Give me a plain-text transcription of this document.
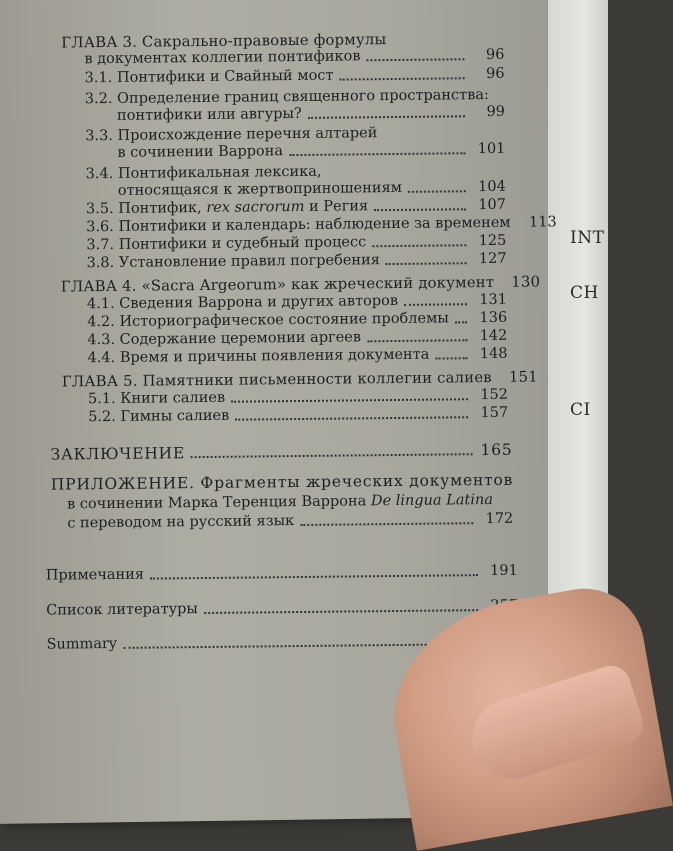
INT
CH
CI
ГЛАВА 3. Сакрально-правовые формулы
в документах коллегии понтификов	96
3.1. Понтифики и Свайный мост	96
3.2. Определение границ священного пространства:
понтифики или авгуры?	99
3.3. Происхождение перечня алтарей
в сочинении Варрона	101
3.4. Понтификальная лексика,
относящаяся к жертвоприношениям	104
3.5. Понтифик, rex sacrorum и Регия	107
3.6. Понтифики и календарь: наблюдение за временем	113
3.7. Понтифики и судебный процесс	125
3.8. Установление правил погребения	127
ГЛАВА 4. «Sacra Argeorum» как жреческий документ	130
4.1. Сведения Варрона и других авторов	131
4.2. Историографическое состояние проблемы	136
4.3. Содержание церемонии аргеев	142
4.4. Время и причины появления документа	148
ГЛАВА 5. Памятники письменности коллегии салиев	151
5.1. Книги салиев	152
5.2. Гимны салиев	157
ЗАКЛЮЧЕНИЕ	165
ПРИЛОЖЕНИЕ. Фрагменты жреческих документов
в сочинении Марка Теренция Варрона De lingua Latina
с переводом на русский язык	172
Примечания	191
Список литературы
Summary
